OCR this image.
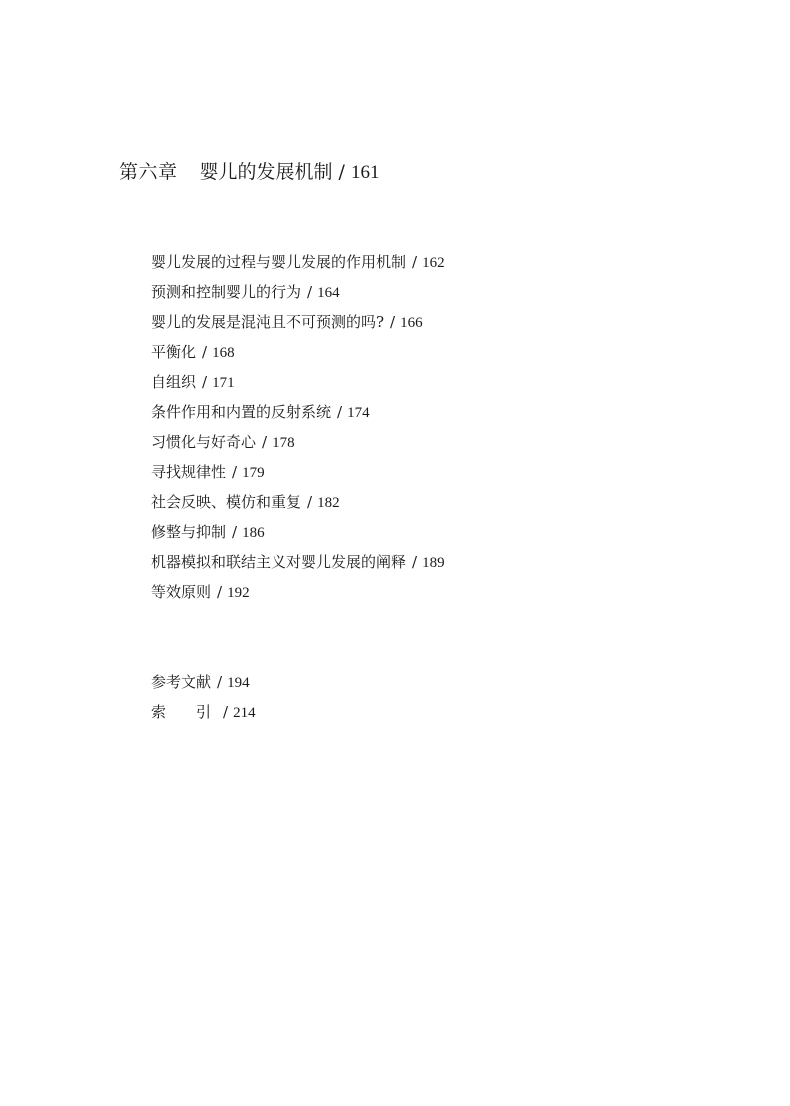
第六章 婴儿的发展机制 / 161
婴儿发展的过程与婴儿发展的作用机制 / 162
预测和控制婴儿的行为 / 164
婴儿的发展是混沌且不可预测的吗? / 166
平衡化 / 168
自组织 / 171
条件作用和内置的反射系统 / 174
习惯化与好奇心 / 178
寻找规律性 / 179
社会反映、模仿和重复 / 182
修整与抑制 / 186
机器模拟和联结主义对婴儿发展的阐释 / 189
等效原则 / 192
参考文献 / 194
索　　引 / 214
